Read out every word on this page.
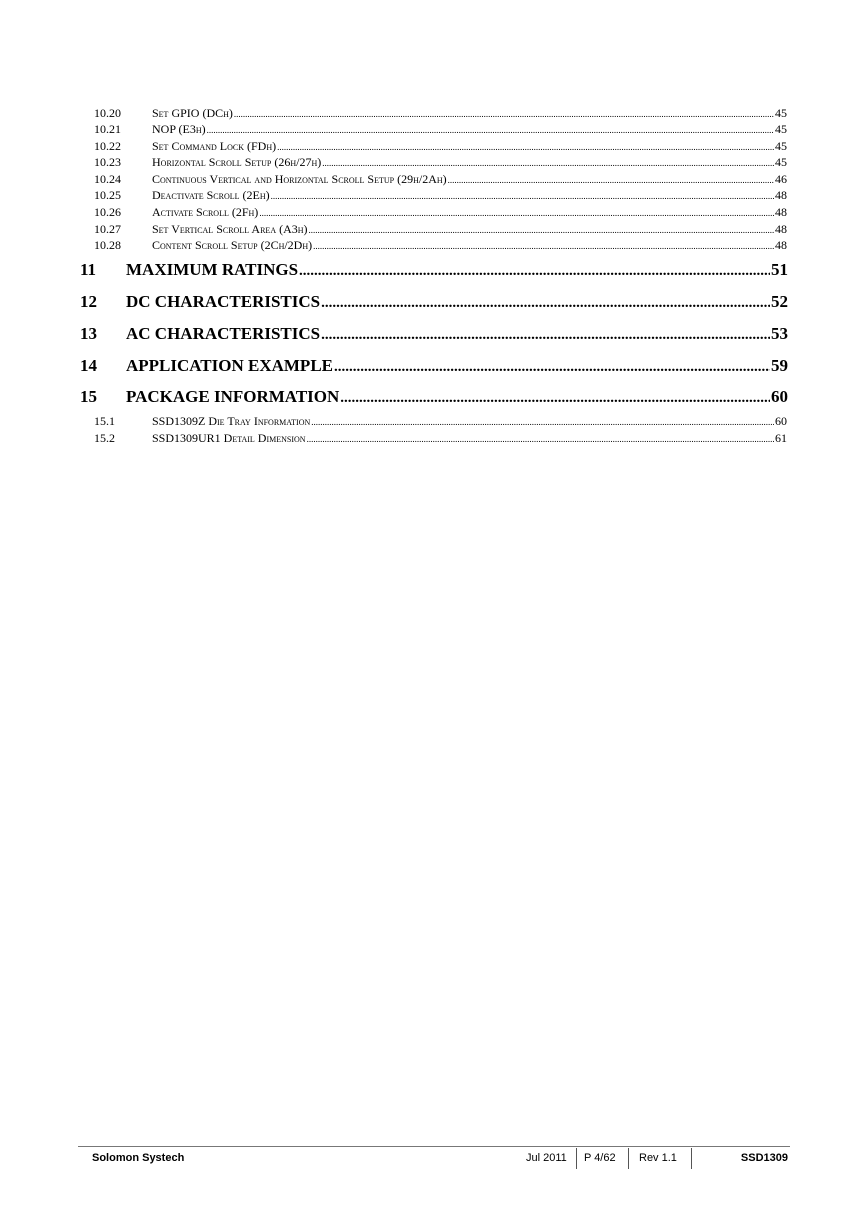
10.20	Set GPIO (DCh) .....	45
10.21	NOP (E3h) .....	45
10.22	Set Command Lock (FDh) .....	45
10.23	Horizontal Scroll Setup (26h/27h) .....	45
10.24	Continuous Vertical and Horizontal Scroll Setup (29h/2Ah) .....	46
10.25	Deactivate Scroll (2Eh) .....	48
10.26	Activate Scroll (2Fh) .....	48
10.27	Set Vertical Scroll Area (A3h) .....	48
10.28	Content Scroll Setup (2Ch/2Dh) .....	48
11	MAXIMUM RATINGS .....	51
12	DC CHARACTERISTICS .....	52
13	AC CHARACTERISTICS .....	53
14	APPLICATION EXAMPLE .....	59
15	PACKAGE INFORMATION .....	60
15.1	SSD1309Z Die Tray Information .....	60
15.2	SSD1309UR1 Detail Dimension .....	61
Solomon Systech	Jul 2011 P 4/62 Rev 1.1	SSD1309
